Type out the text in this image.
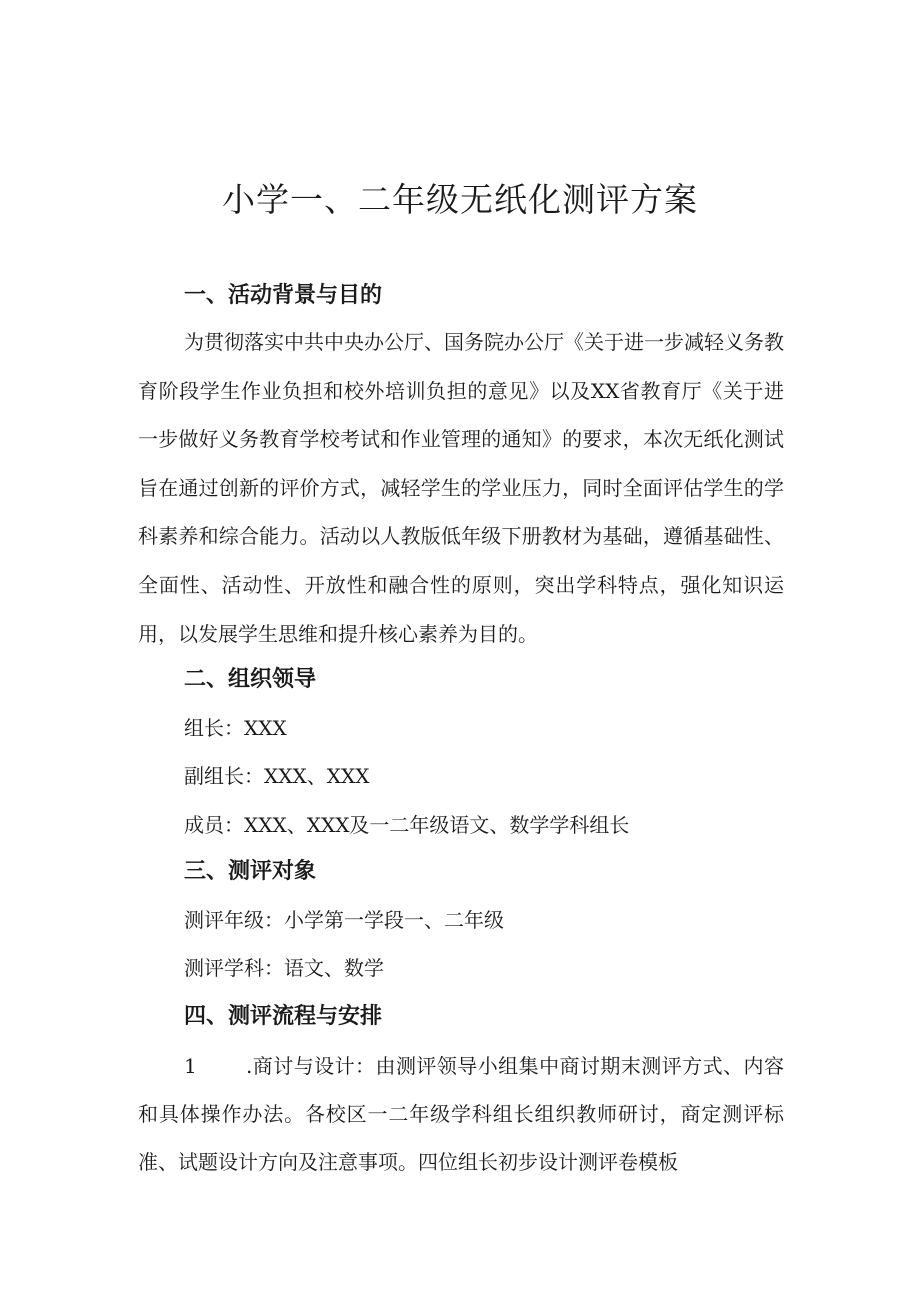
小学一、二年级无纸化测评方案
一、活动背景与目的

为贯彻落实中共中央办公厅、国务院办公厅《关于进一步减轻义务教育阶段学生作业负担和校外培训负担的意见》以及XX省教育厅《关于进一步做好义务教育学校考试和作业管理的通知》的要求，本次无纸化测试旨在通过创新的评价方式，减轻学生的学业压力，同时全面评估学生的学科素养和综合能力。活动以人教版低年级下册教材为基础，遵循基础性、全面性、活动性、开放性和融合性的原则，突出学科特点，强化知识运用，以发展学生思维和提升核心素养为目的。

二、组织领导

组长：XXX

副组长：XXX、XXX

成员：XXX、XXX及一二年级语文、数学学科组长

三、测评对象

测评年级：小学第一学段一、二年级

测评学科：语文、数学

四、测评流程与安排

1 .商讨与设计：由测评领导小组集中商讨期末测评方式、内容和具体操作办法。各校区一二年级学科组长组织教师研讨，商定测评标准、试题设计方向及注意事项。四位组长初步设计测评卷模板
